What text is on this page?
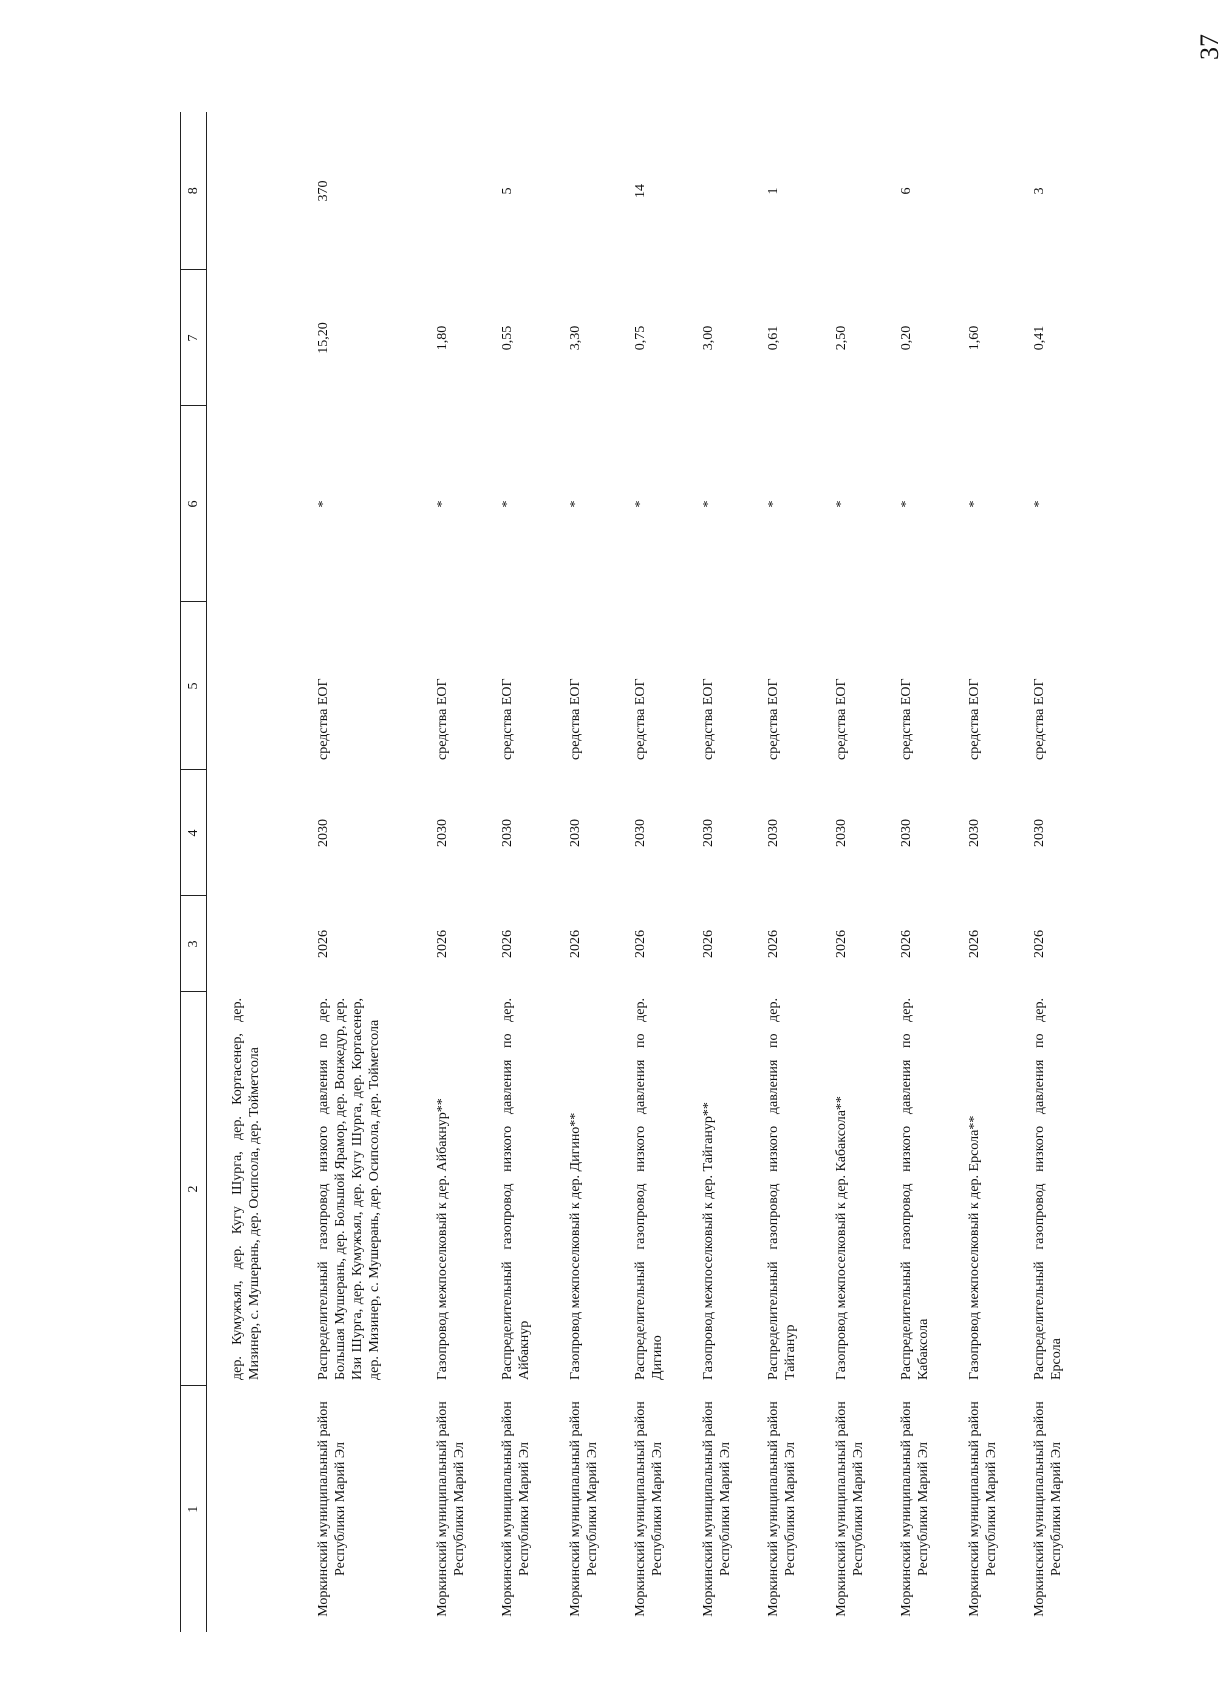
37
1	2	3	4	5	6	7	8
	дер. Кумужъял, дер. Кугу Шурга, дер. Кортасенер, дер. Мизинер, с. Мушерань, дер. Осипсола, дер. Тойметсола						
Моркинский муниципальный район Республики Марий Эл	Распределительный газопровод низкого давления по дер. Большая Мушерань, дер. Большой Ярамор, дер. Вонжедур, дер. Изи Шурга, дер. Кумужъял, дер. Кугу Шурга, дер. Кортасенер, дер. Мизинер, с. Мушерань, дер. Осипсола, дер. Тойметсола	2026	2030	средства ЕОГ	*	15,20	370
Моркинский муниципальный район Республики Марий Эл	Газопровод межпоселковый к дер. Айбакнур**	2026	2030	средства ЕОГ	*	1,80	
Моркинский муниципальный район Республики Марий Эл	Распределительный газопровод низкого давления по дер. Айбакнур	2026	2030	средства ЕОГ	*	0,55	5
Моркинский муниципальный район Республики Марий Эл	Газопровод межпоселковый к дер. Дигино**	2026	2030	средства ЕОГ	*	3,30	
Моркинский муниципальный район Республики Марий Эл	Распределительный газопровод низкого давления по дер. Дигино	2026	2030	средства ЕОГ	*	0,75	14
Моркинский муниципальный район Республики Марий Эл	Газопровод межпоселковый к дер. Тайгануp**	2026	2030	средства ЕОГ	*	3,00	
Моркинский муниципальный район Республики Марий Эл	Распределительный газопровод низкого давления по дер. Тайганур	2026	2030	средства ЕОГ	*	0,61	1
Моркинский муниципальный район Республики Марий Эл	Газопровод межпоселковый к дер. Кабаксола**	2026	2030	средства ЕОГ	*	2,50	
Моркинский муниципальный район Республики Марий Эл	Распределительный газопровод низкого давления по дер. Кабаксола	2026	2030	средства ЕОГ	*	0,20	6
Моркинский муниципальный район Республики Марий Эл	Газопровод межпоселковый к дер. Ерсола**	2026	2030	средства ЕОГ	*	1,60	
Моркинский муниципальный район Республики Марий Эл	Распределительный газопровод низкого давления по дер. Ерсола	2026	2030	средства ЕОГ	*	0,41	3
